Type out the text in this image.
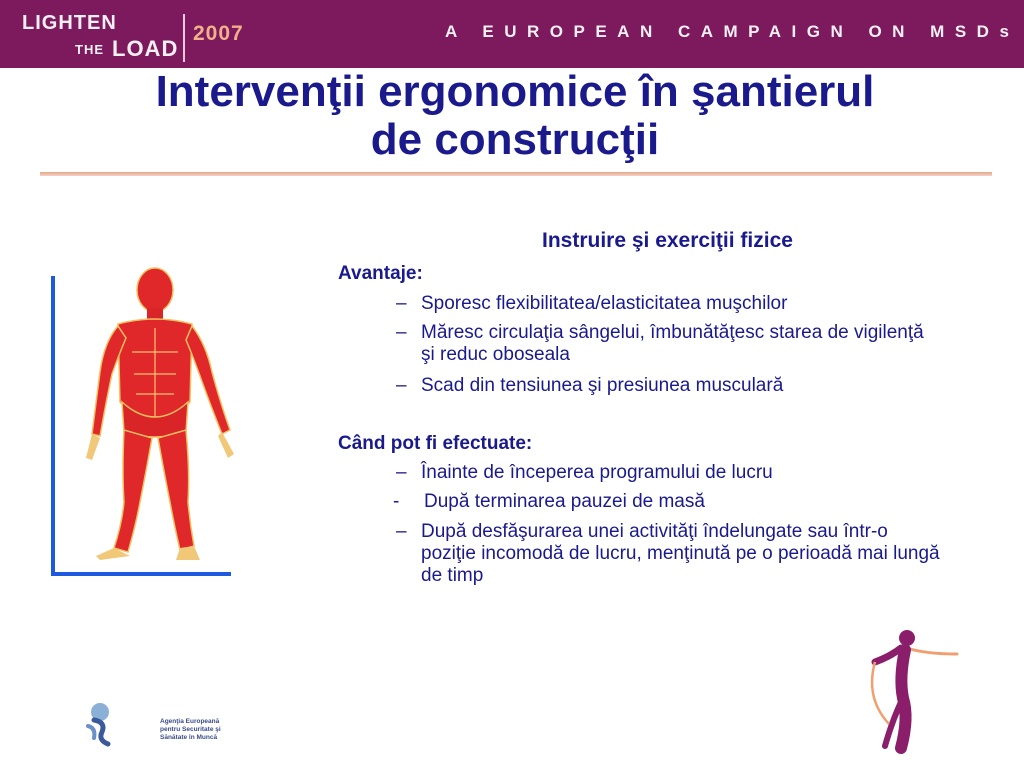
LIGHTEN
THE LOAD
2007	A EUROPEAN CAMPAIGN ON MSDs
Intervenţii ergonomice în şantierul
de construcţii
Instruire şi exerciţii fizice
Avantaje:
– Sporesc flexibilitatea/elasticitatea muşchilor
– Măresc circulaţia sângelui, îmbunătăţesc starea de vigilenţă şi reduc oboseala
– Scad din tensiunea şi presiunea musculară
Când pot fi efectuate:
– Înainte de începerea programului de lucru
- După terminarea pauzei de masă
– După desfăşurarea unei activităţi îndelungate sau într-o poziţie incomodă de lucru, menţinută pe o perioadă mai lungă de timp
Agenţia Europeană
pentru Securitate şi
Sănătate în Muncă
